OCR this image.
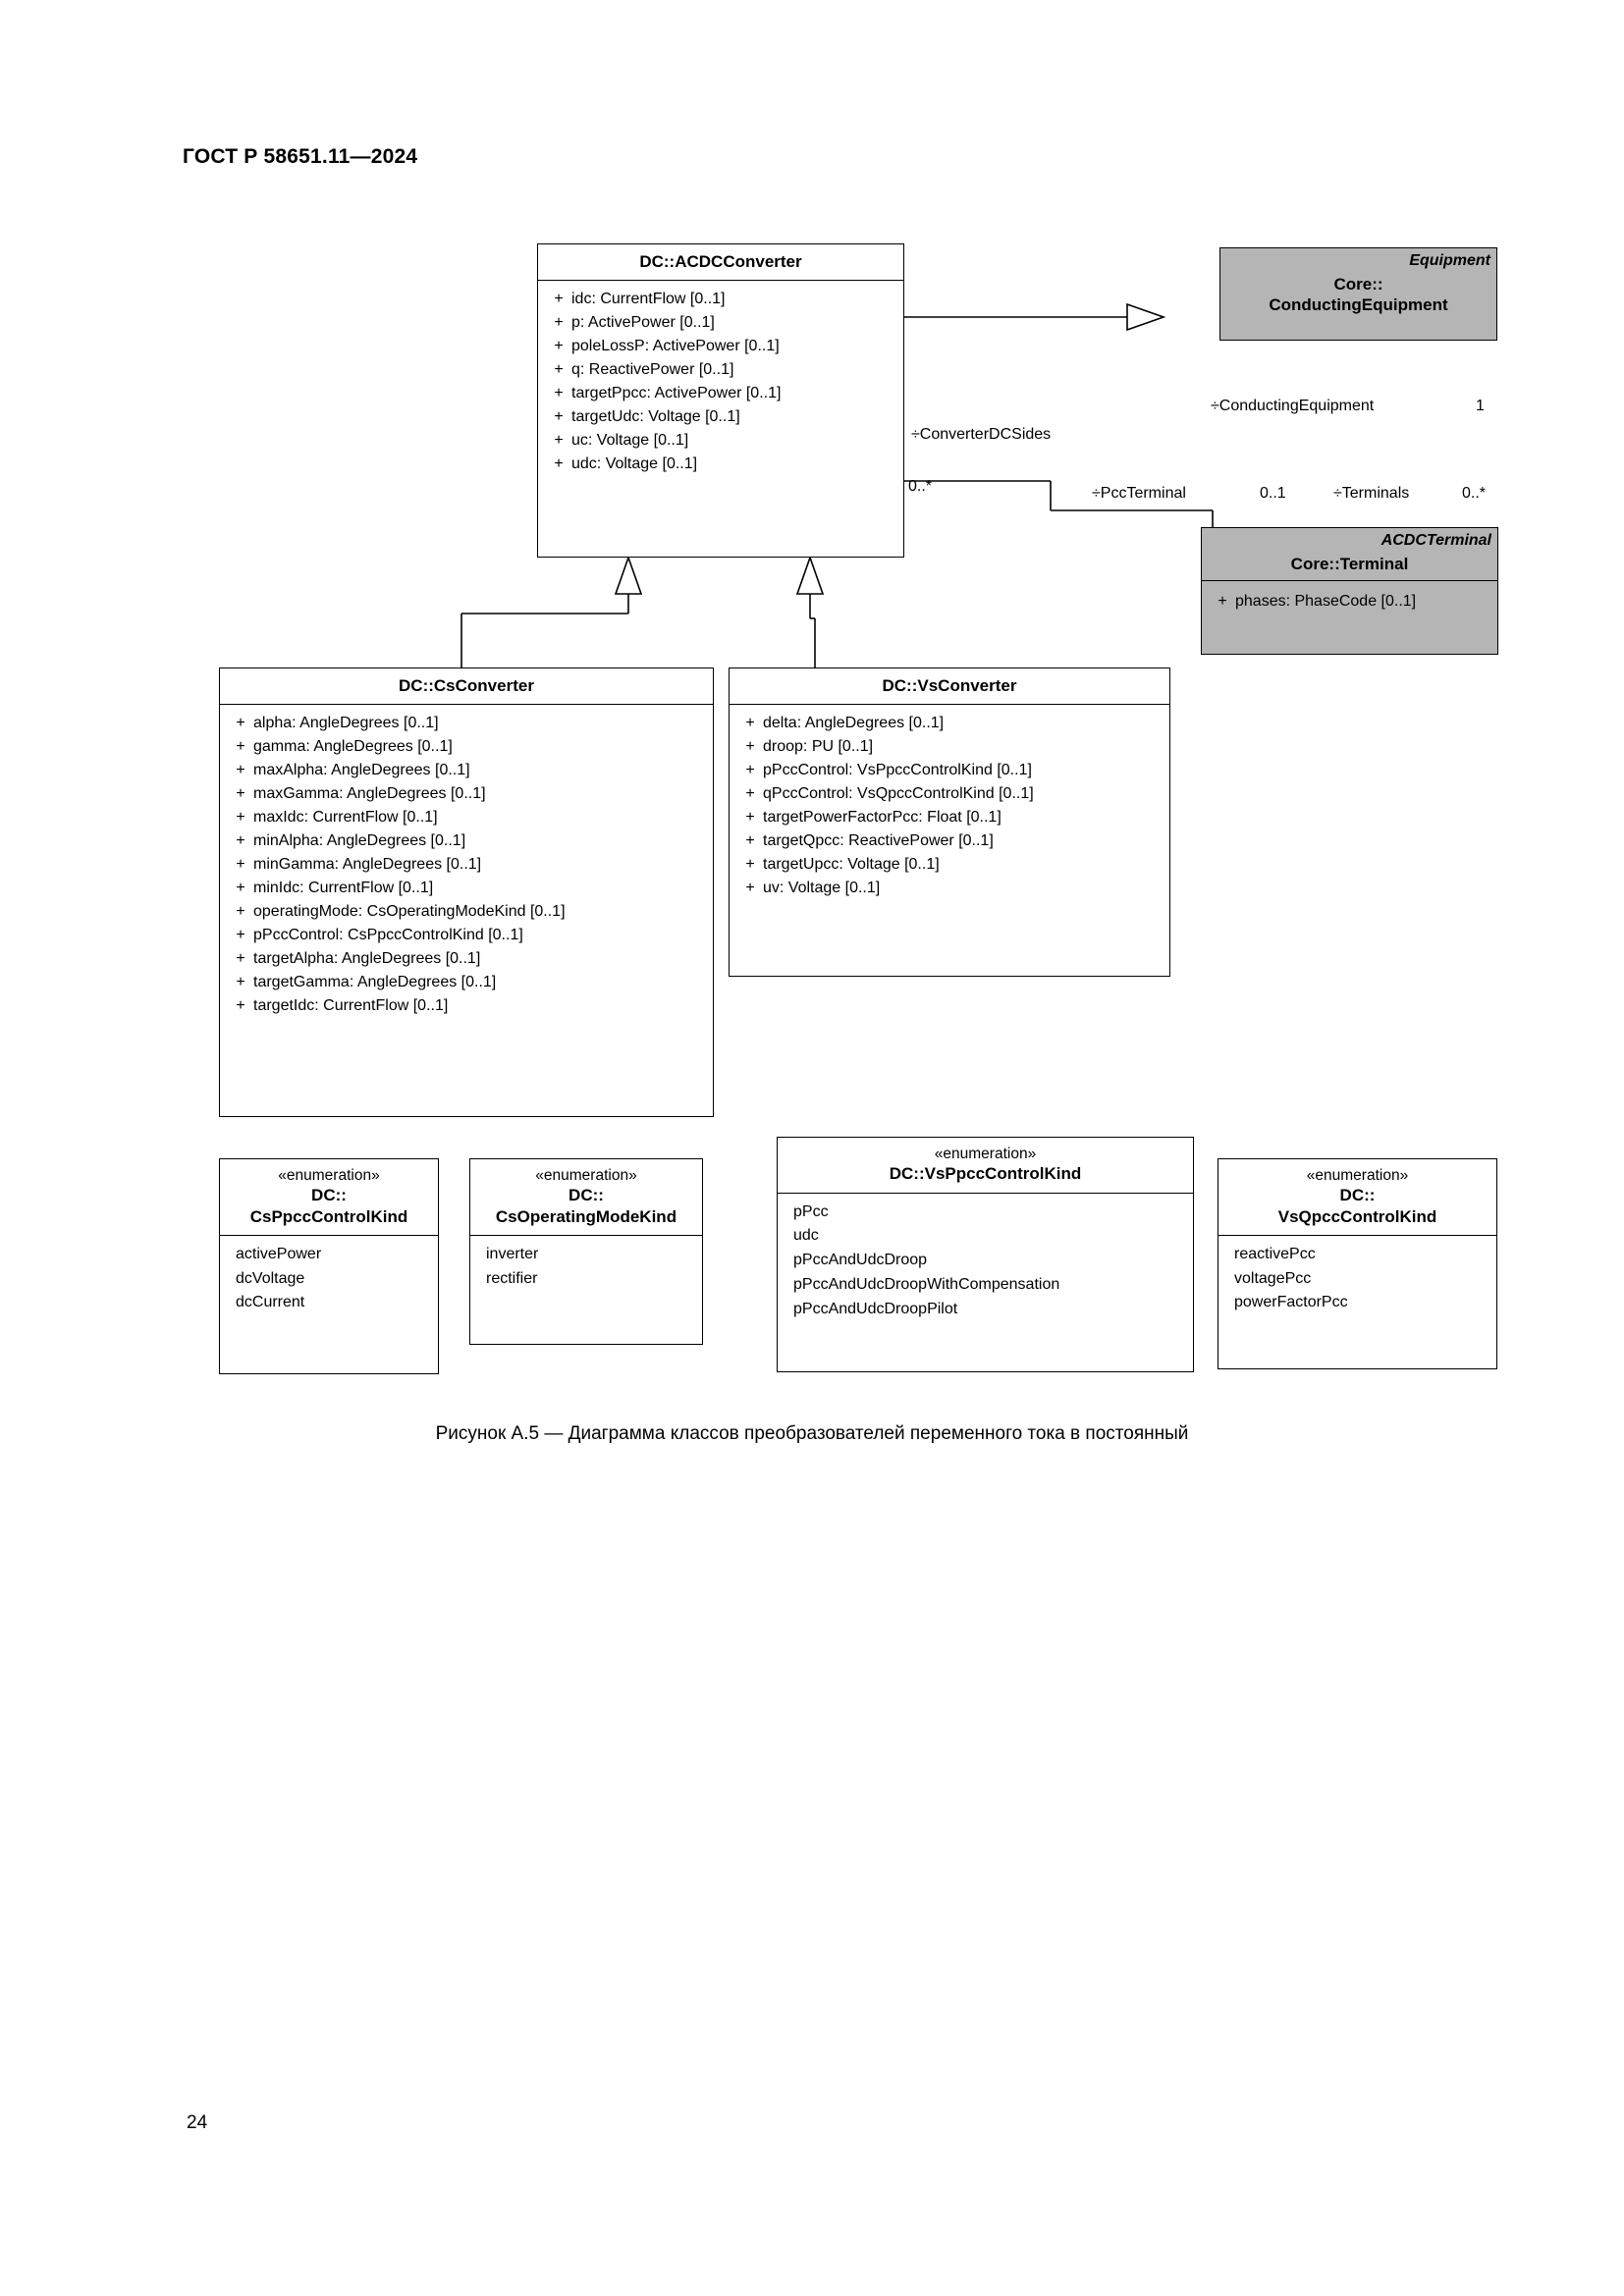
ГОСТ Р 58651.11—2024
DC::ACDCConverter
+ idc: CurrentFlow [0..1]
+ p: ActivePower [0..1]
+ poleLossP: ActivePower [0..1]
+ q: ReactivePower [0..1]
+ targetPpcc: ActivePower [0..1]
+ targetUdc: Voltage [0..1]
+ uc: Voltage [0..1]
+ udc: Voltage [0..1]
Equipment
Core::
ConductingEquipment
ACDCTerminal
Core::Terminal
+ phases: PhaseCode [0..1]
÷ConductingEquipment	1
÷ConverterDCSides
0..*	÷PccTerminal	0..1	÷Terminals	0..*
DC::CsConverter
+ alpha: AngleDegrees [0..1]
+ gamma: AngleDegrees [0..1]
+ maxAlpha: AngleDegrees [0..1]
+ maxGamma: AngleDegrees [0..1]
+ maxIdc: CurrentFlow [0..1]
+ minAlpha: AngleDegrees [0..1]
+ minGamma: AngleDegrees [0..1]
+ minIdc: CurrentFlow [0..1]
+ operatingMode: CsOperatingModeKind [0..1]
+ pPccControl: CsPpccControlKind [0..1]
+ targetAlpha: AngleDegrees [0..1]
+ targetGamma: AngleDegrees [0..1]
+ targetIdc: CurrentFlow [0..1]
DC::VsConverter
+ delta: AngleDegrees [0..1]
+ droop: PU [0..1]
+ pPccControl: VsPpccControlKind [0..1]
+ qPccControl: VsQpccControlKind [0..1]
+ targetPowerFactorPcc: Float [0..1]
+ targetQpcc: ReactivePower [0..1]
+ targetUpcc: Voltage [0..1]
+ uv: Voltage [0..1]
«enumeration»
DC::
CsPpccControlKind
activePower
dcVoltage
dcCurrent
«enumeration»
DC::
CsOperatingModeKind
inverter
rectifier
«enumeration»
DC::VsPpccControlKind
pPcc
udc
pPccAndUdcDroop
pPccAndUdcDroopWithCompensation
pPccAndUdcDroopPilot
«enumeration»
DC::
VsQpccControlKind
reactivePcc
voltagePcc
powerFactorPcc
Рисунок А.5 — Диаграмма классов преобразователей переменного тока в постоянный
24
